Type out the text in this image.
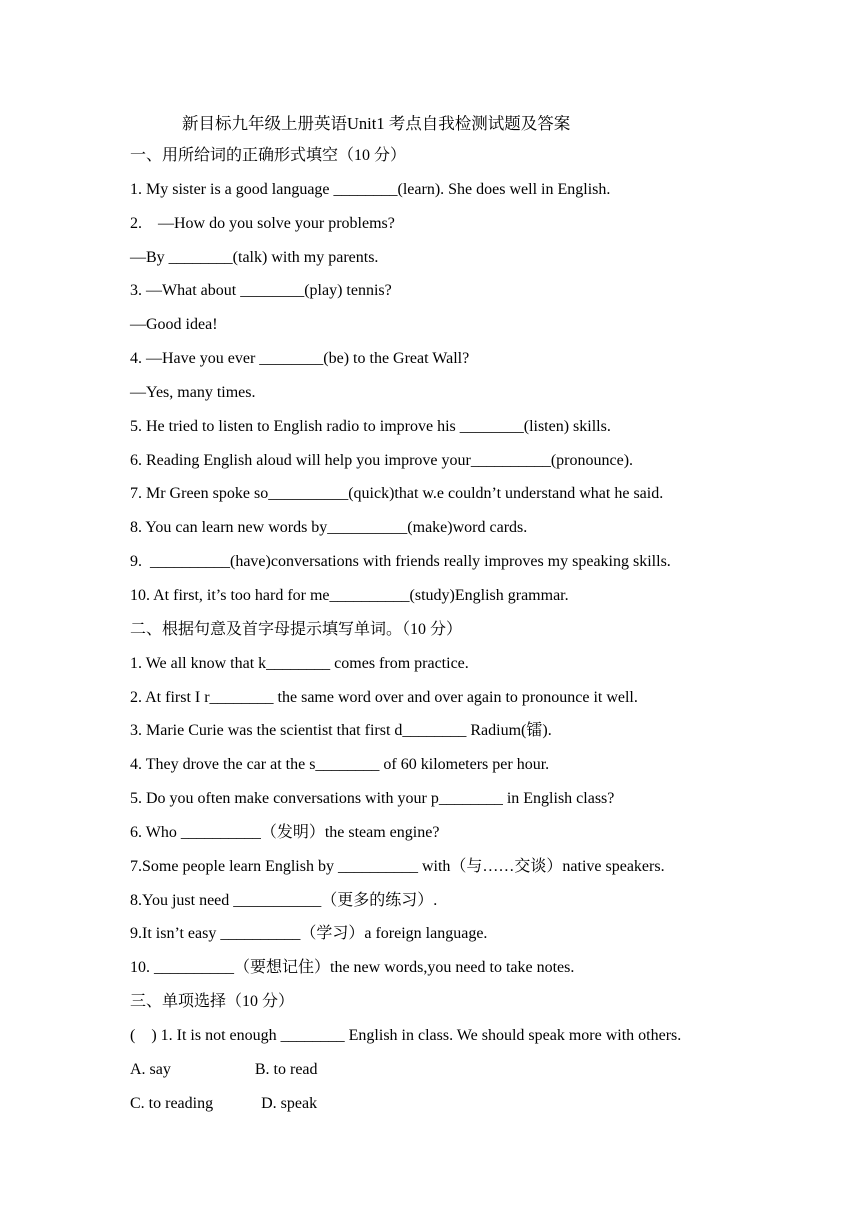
新目标九年级上册英语Unit1 考点自我检测试题及答案
一、用所给词的正确形式填空（10 分）
1. My sister is a good language ________(learn). She does well in English.
2.    —How do you solve your problems?
—By ________(talk) with my parents.
3. —What about ________(play) tennis?
—Good idea!
4. —Have you ever ________(be) to the Great Wall?
—Yes, many times.
5. He tried to listen to English radio to improve his ________(listen) skills.
6. Reading English aloud will help you improve your__________(pronounce).
7. Mr Green spoke so__________(quick)that w.e couldn’t understand what he said.
8. You can learn new words by__________(make)word cards.
9.  __________(have)conversations with friends really improves my speaking skills.
10. At first, it’s too hard for me__________(study)English grammar.
二、根据句意及首字母提示填写单词。（10 分）
1. We all know that k________ comes from practice.
2. At first I r________ the same word over and over again to pronounce it well.
3. Marie Curie was the scientist that first d________ Radium(镭).
4. They drove the car at the s________ of 60 kilometers per hour.
5. Do you often make conversations with your p________ in English class?
6. Who __________（发明）the steam engine?
7.Some people learn English by __________ with（与……交谈）native speakers.
8.You just need ___________（更多的练习）.
9.It isn’t easy __________（学习）a foreign language.
10. __________（要想记住）the new words,you need to take notes.
三、单项选择（10 分）
(    ) 1. It is not enough ________ English in class. We should speak more with others.
A. say                     B. to read
C. to reading            D. speak
